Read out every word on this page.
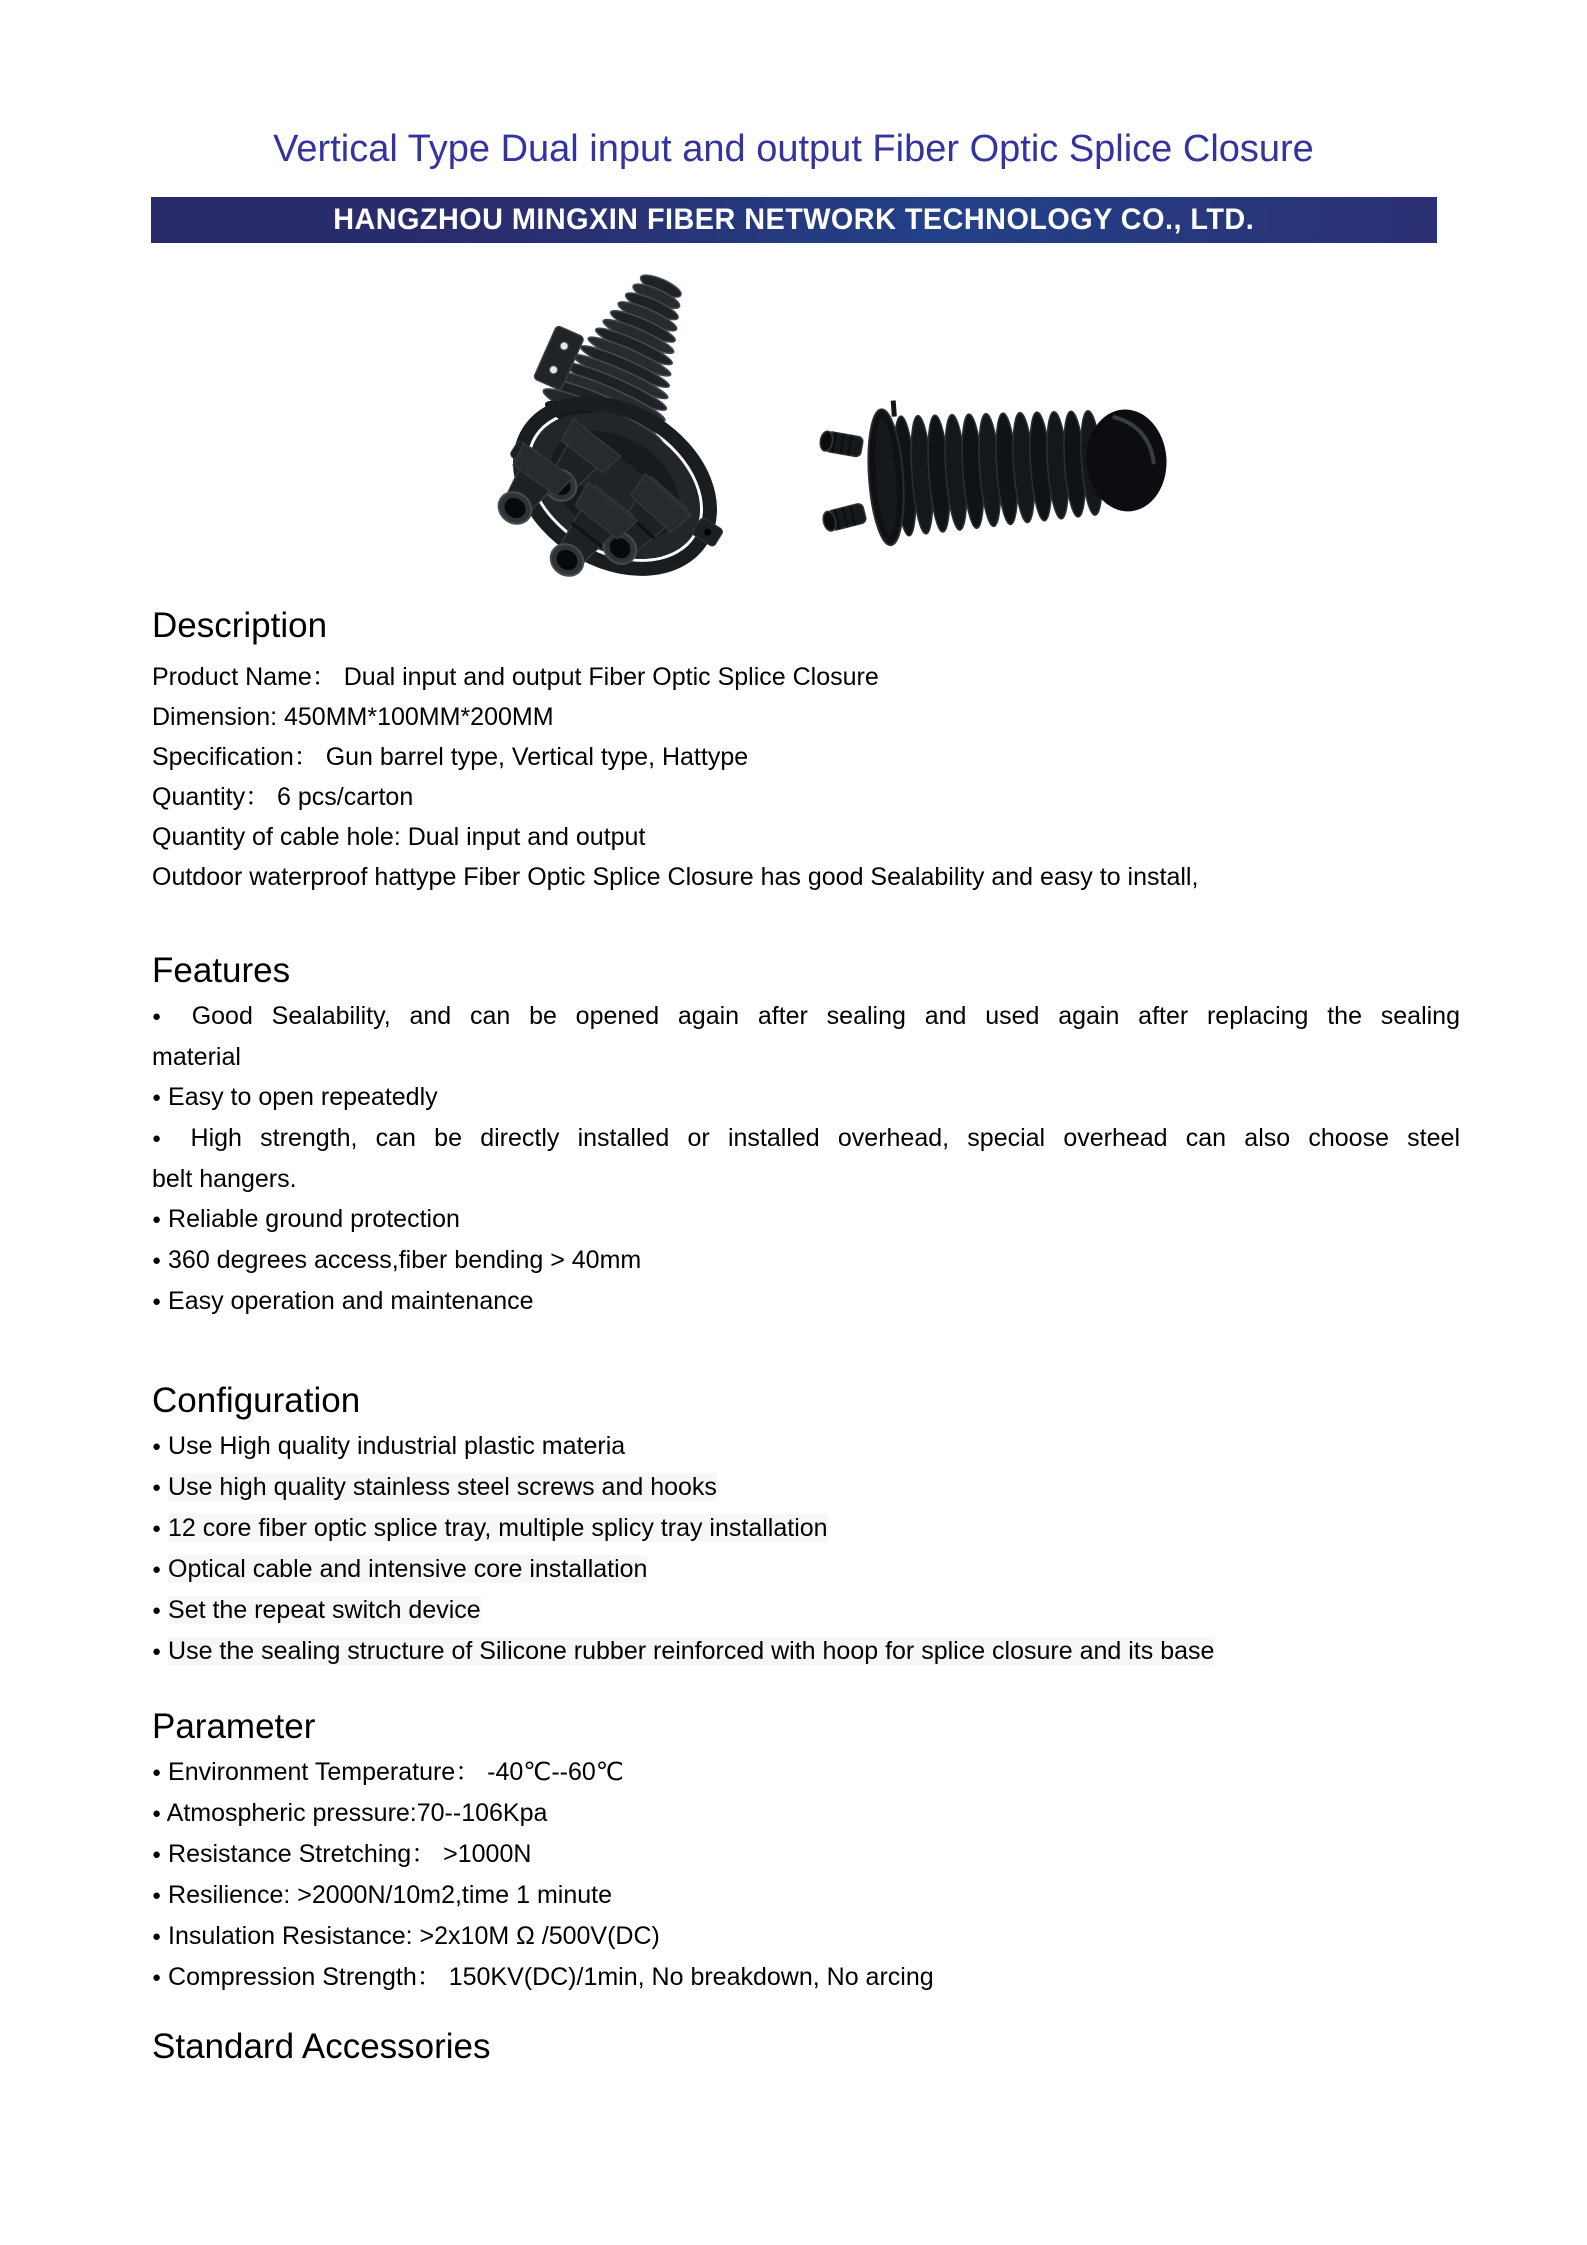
Vertical Type Dual input and output Fiber Optic Splice Closure
HANGZHOU MINGXIN FIBER NETWORK TECHNOLOGY CO., LTD.
Description
Product Name： Dual input and output Fiber Optic Splice Closure
Dimension: 450MM*100MM*200MM
Specification： Gun barrel type, Vertical type, Hattype
Quantity： 6 pcs/carton
Quantity of cable hole: Dual input and output
Outdoor waterproof hattype Fiber Optic Splice Closure has good Sealability and easy to install,
Features
● Good Sealability, and can be opened again after sealing and used again after replacing the sealing
material
● Easy to open repeatedly
● High strength, can be directly installed or installed overhead, special overhead can also choose steel
belt hangers.
● Reliable ground protection
● 360 degrees access,fiber bending > 40mm
● Easy operation and maintenance
Configuration
● Use High quality industrial plastic materia
● Use high quality stainless steel screws and hooks
● 12 core fiber optic splice tray, multiple splicy tray installation
● Optical cable and intensive core installation
● Set the repeat switch device
● Use the sealing structure of Silicone rubber reinforced with hoop for splice closure and its base
Parameter
● Environment Temperature： -40℃--60℃
● Atmospheric pressure:70--106Kpa
● Resistance Stretching： >1000N
● Resilience: >2000N/10m2,time 1 minute
● Insulation Resistance: >2x10M Ω /500V(DC)
● Compression Strength： 150KV(DC)/1min, No breakdown, No arcing
Standard Accessories
